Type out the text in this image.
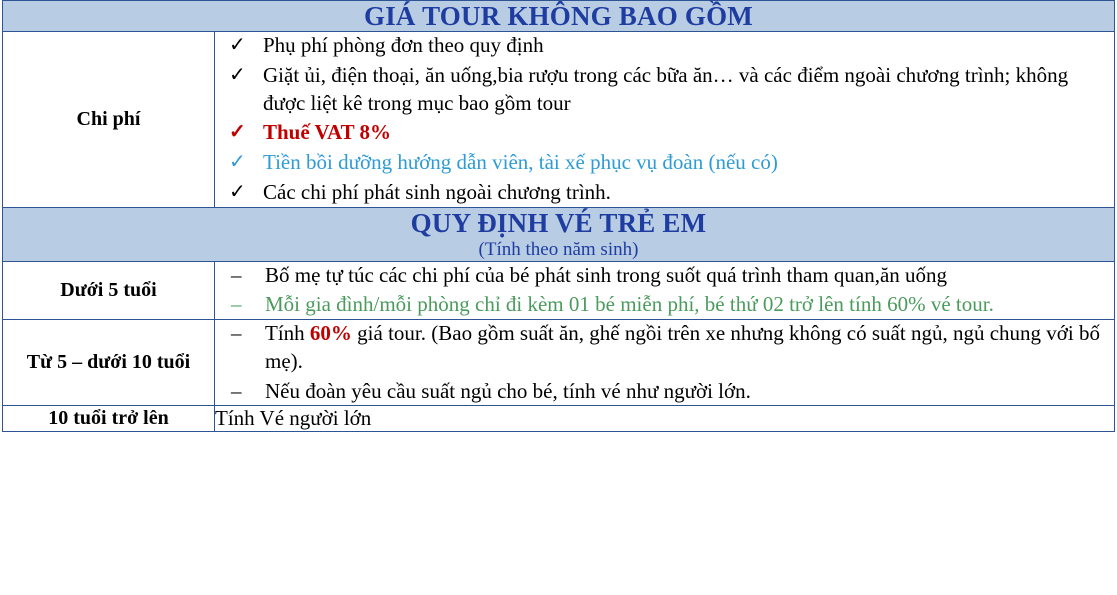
GIÁ TOUR KHÔNG BAO GỒM	

Chi phí	
✓ Phụ phí phòng đơn theo quy định
✓ Giặt ủi, điện thoại, ăn uống,bia rượu trong các bữa ăn… và các điểm ngoài chương trình; không được liệt kê trong mục bao gồm tour
✓ Thuế VAT 8%
✓ Tiền bồi dưỡng hướng dẫn viên, tài xế phục vụ đoàn (nếu có)
✓ Các chi phí phát sinh ngoài chương trình.

QUY ĐỊNH VÉ TRẺ EM
(Tính theo năm sinh)	

Dưới 5 tuổi	
–	Bố mẹ tự túc các chi phí của bé phát sinh trong suốt quá trình tham quan,ăn uống
–	Mỗi gia đình/mỗi phòng chỉ đi kèm 01 bé miễn phí, bé thứ 02 trở lên tính 60% vé tour.

Từ 5 – dưới 10 tuổi	
–	Tính 60% giá tour. (Bao gồm suất ăn, ghế ngồi trên xe nhưng không có suất ngủ, ngủ chung với bố mẹ).
–	Nếu đoàn yêu cầu suất ngủ cho bé, tính vé như người lớn.

10 tuổi trở lên	Tính Vé người lớn
